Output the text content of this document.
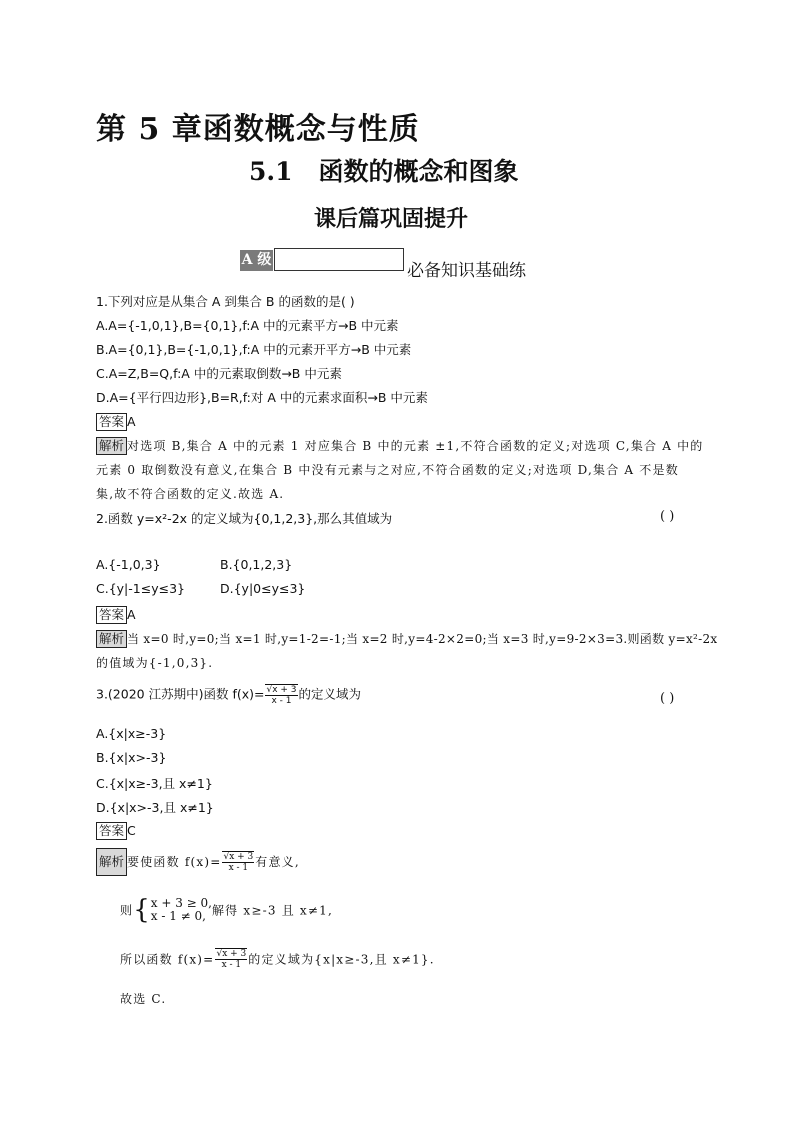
第 5 章函数概念与性质
5.1 函数的概念和图象
课后篇巩固提升
A 级
必备知识基础练
1.下列对应是从集合 A 到集合 B 的函数的是( )
A.A={-1,0,1},B={0,1},f:A 中的元素平方→B 中元素
B.A={0,1},B={-1,0,1},f:A 中的元素开平方→B 中元素
C.A=Z,B=Q,f:A 中的元素取倒数→B 中元素
D.A={平行四边形},B=R,f:对 A 中的元素求面积→B 中元素
答案 A
解析 对选项 B,集合 A 中的元素 1 对应集合 B 中的元素 ±1,不符合函数的定义;对选项 C,集合 A 中的
元素 0 取倒数没有意义,在集合 B 中没有元素与之对应,不符合函数的定义;对选项 D,集合 A 不是数
集,故不符合函数的定义.故选 A.
2.函数 y=x²-2x 的定义域为{0,1,2,3},那么其值域为	( )
A.{-1,0,3}	B.{0,1,2,3}
C.{y|-1≤y≤3}	D.{y|0≤y≤3}
答案 A
解析 当 x=0 时,y=0;当 x=1 时,y=1-2=-1;当 x=2 时,y=4-2×2=0;当 x=3 时,y=9-2×3=3.则函数 y=x²-2x
的值域为{-1,0,3}.
3.(2020 江苏期中)函数 $f(x)= \frac{√x + 3}{x - 1}$ 的定义域为	( )
A.{x|x≥-3}
B.{x|x>-3}
C.{x|x≥-3,且 x≠1}
D.{x|x>-3,且 x≠1}
答案 C
解析 要使函数 $f(x)= \frac{√x + 3}{x - 1}$ 有意义,
则{ x + 3 ≥ 0,
x - 1 ≠ 0, 解得 x≥-3 且 x≠1,
所以函数 $f(x)= \frac{√x + 3}{x - 1}$ 的定义域为{x|x≥-3,且 x≠1}.
故选 C.
